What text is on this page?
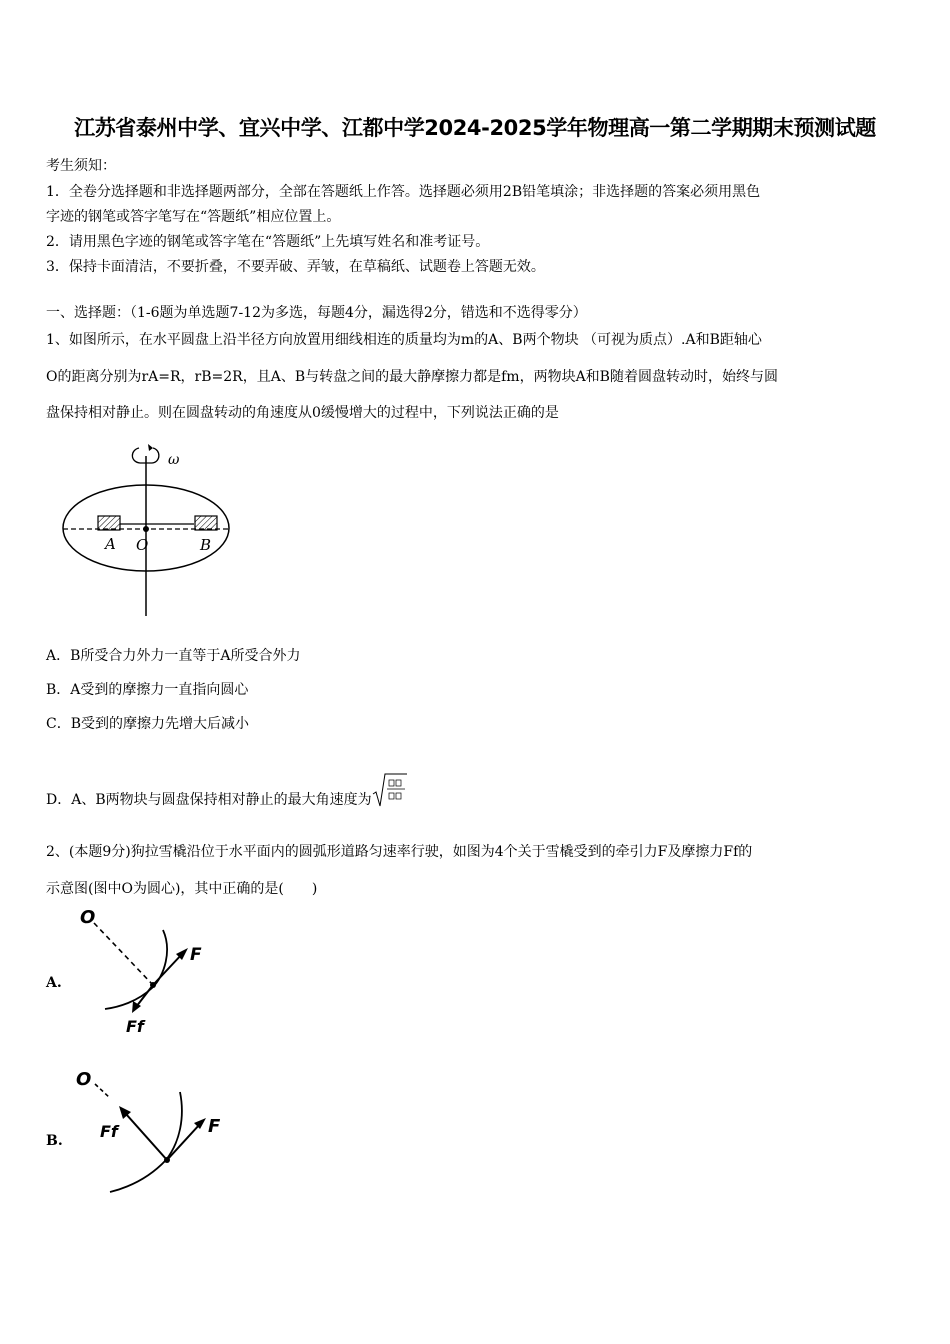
江苏省泰州中学、宜兴中学、江都中学2024-2025学年物理高一第二学期期末预测试题
考生须知：
1．全卷分选择题和非选择题两部分，全部在答题纸上作答。选择题必须用2B铅笔填涂；非选择题的答案必须用黑色
字迹的钢笔或答字笔写在“答题纸”相应位置上。
2．请用黑色字迹的钢笔或答字笔在“答题纸”上先填写姓名和准考证号。
3．保持卡面清洁，不要折叠，不要弄破、弄皱，在草稿纸、试题卷上答题无效。
一、选择题：（1-6题为单选题7-12为多选，每题4分，漏选得2分，错选和不选得零分）
1、如图所示，在水平圆盘上沿半径方向放置用细线相连的质量均为m的A、B两个物块 （可视为质点）.A和B距轴心
O的距离分别为rA=R，rB=2R，且A、B与转盘之间的最大静摩擦力都是fm，两物块A和B随着圆盘转动时，始终与圆
盘保持相对静止。则在圆盘转动的角速度从0缓慢增大的过程中，下列说法正确的是
ω
A O	B
A．B所受合力外力一直等于A所受合外力
B．A受到的摩擦力一直指向圆心
C．B受到的摩擦力先增大后减小
D．A、B两物块与圆盘保持相对静止的最大角速度为
2、(本题9分)狗拉雪橇沿位于水平面内的圆弧形道路匀速率行驶，如图为4个关于雪橇受到的牵引力F及摩擦力Ff的
示意图(图中O为圆心)，其中正确的是(　　)
A.
O
F
Ff
B.
O
F
Ff
